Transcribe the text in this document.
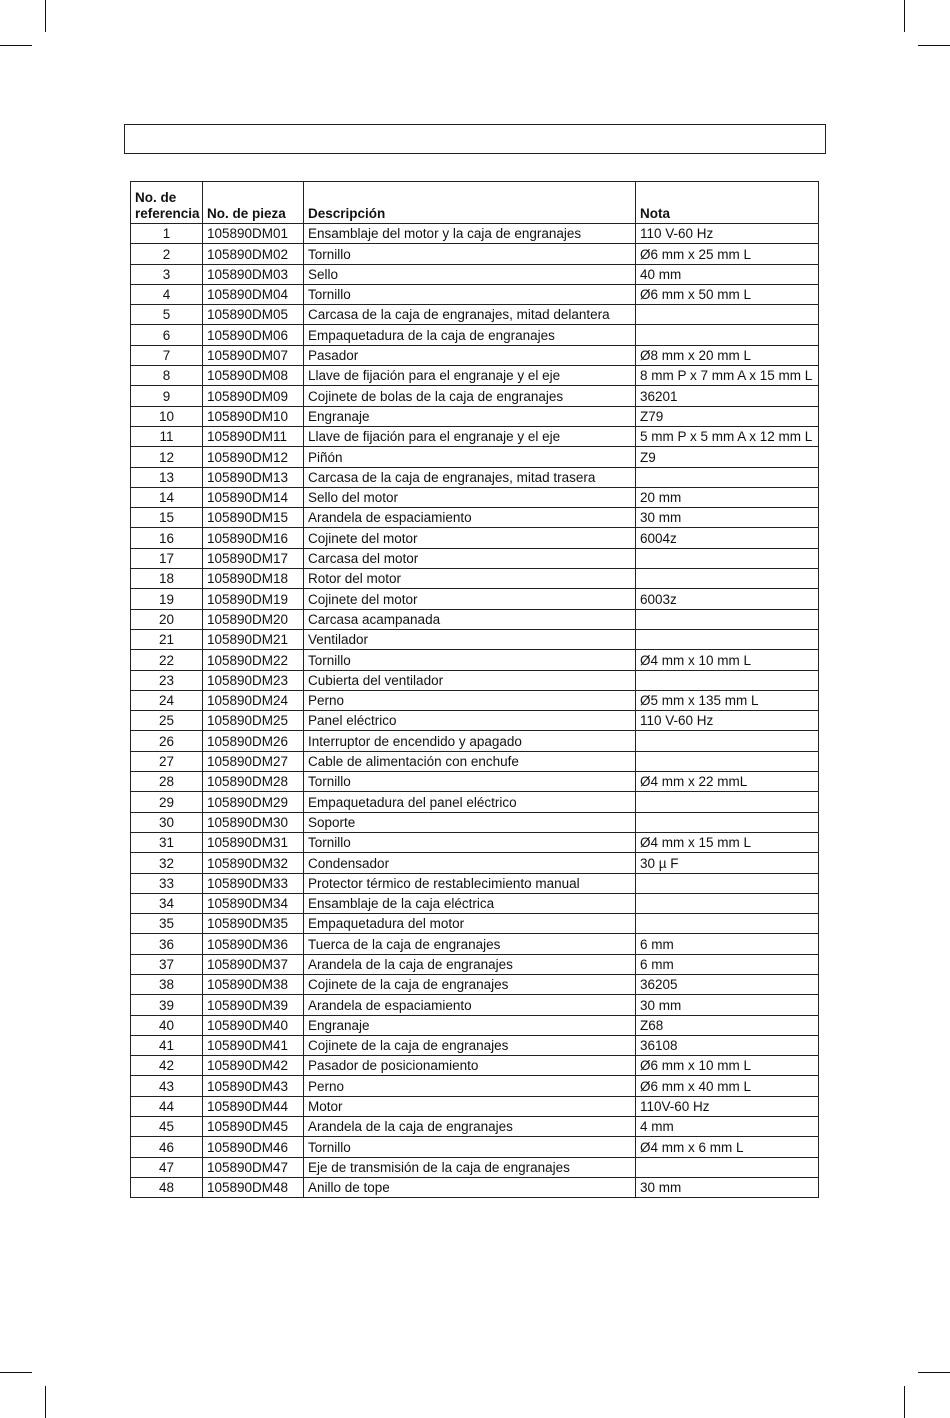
No. de
referencia	No. de pieza	Descripción	Nota
1	105890DM01	Ensamblaje del motor y la caja de engranajes	110 V-60 Hz
2	105890DM02	Tornillo	Ø6 mm x 25 mm L
3	105890DM03	Sello	40 mm
4	105890DM04	Tornillo	Ø6 mm x 50 mm L
5	105890DM05	Carcasa de la caja de engranajes, mitad delantera	
6	105890DM06	Empaquetadura de la caja de engranajes	
7	105890DM07	Pasador	Ø8 mm x 20 mm L
8	105890DM08	Llave de fijación para el engranaje y el eje	8 mm P x 7 mm A x 15 mm L
9	105890DM09	Cojinete de bolas de la caja de engranajes	36201
10	105890DM10	Engranaje	Z79
11	105890DM11	Llave de fijación para el engranaje y el eje	5 mm P x 5 mm A x 12 mm L
12	105890DM12	Piñón	Z9
13	105890DM13	Carcasa de la caja de engranajes, mitad trasera	
14	105890DM14	Sello del motor	20 mm
15	105890DM15	Arandela de espaciamiento	30 mm
16	105890DM16	Cojinete del motor	6004z
17	105890DM17	Carcasa del motor	
18	105890DM18	Rotor del motor	
19	105890DM19	Cojinete del motor	6003z
20	105890DM20	Carcasa acampanada	
21	105890DM21	Ventilador	
22	105890DM22	Tornillo	Ø4 mm x 10 mm L
23	105890DM23	Cubierta del ventilador	
24	105890DM24	Perno	Ø5 mm x 135 mm L
25	105890DM25	Panel eléctrico	110 V-60 Hz
26	105890DM26	Interruptor de encendido y apagado	
27	105890DM27	Cable de alimentación con enchufe	
28	105890DM28	Tornillo	Ø4 mm x 22 mmL
29	105890DM29	Empaquetadura del panel eléctrico	
30	105890DM30	Soporte	
31	105890DM31	Tornillo	Ø4 mm x 15 mm L
32	105890DM32	Condensador	30 µ F
33	105890DM33	Protector térmico de restablecimiento manual	
34	105890DM34	Ensamblaje de la caja eléctrica	
35	105890DM35	Empaquetadura del motor	
36	105890DM36	Tuerca de la caja de engranajes	6 mm
37	105890DM37	Arandela de la caja de engranajes	6 mm
38	105890DM38	Cojinete de la caja de engranajes	36205
39	105890DM39	Arandela de espaciamiento	30 mm
40	105890DM40	Engranaje	Z68
41	105890DM41	Cojinete de la caja de engranajes	36108
42	105890DM42	Pasador de posicionamiento	Ø6 mm x 10 mm L
43	105890DM43	Perno	Ø6 mm x 40 mm L
44	105890DM44	Motor	110V-60 Hz
45	105890DM45	Arandela de la caja de engranajes	4 mm
46	105890DM46	Tornillo	Ø4 mm x 6 mm L
47	105890DM47	Eje de transmisión de la caja de engranajes	
48	105890DM48	Anillo de tope	30 mm
